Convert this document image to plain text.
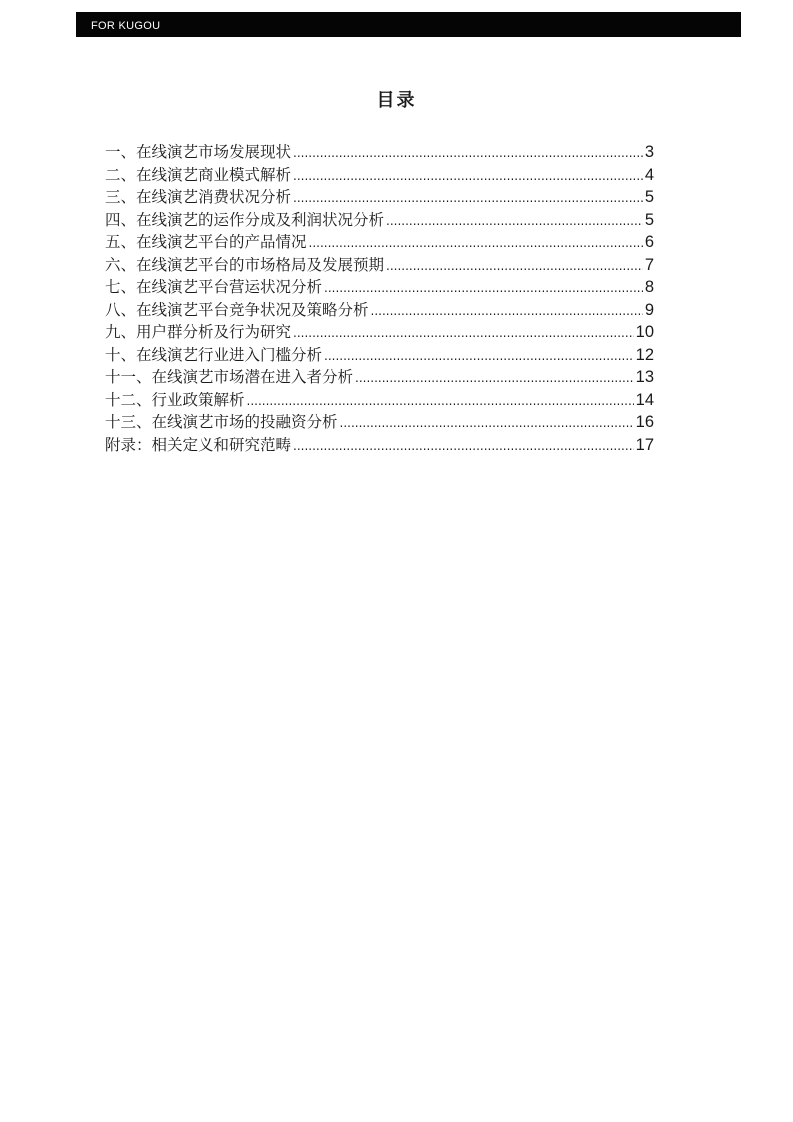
FOR KUGOU
目录
一、在线演艺市场发展现状 .....	3
二、在线演艺商业模式解析 .....	4
三、在线演艺消费状况分析 .....	5
四、在线演艺的运作分成及利润状况分析 .....	5
五、在线演艺平台的产品情况 .....	6
六、在线演艺平台的市场格局及发展预期 .....	7
七、在线演艺平台营运状况分析 .....	8
八、在线演艺平台竞争状况及策略分析 .....	9
九、用户群分析及行为研究 .....	10
十、在线演艺行业进入门槛分析 .....	12
十一、在线演艺市场潜在进入者分析 .....	13
十二、行业政策解析 .....	14
十三、在线演艺市场的投融资分析 .....	16
附录：相关定义和研究范畴 .....	17
